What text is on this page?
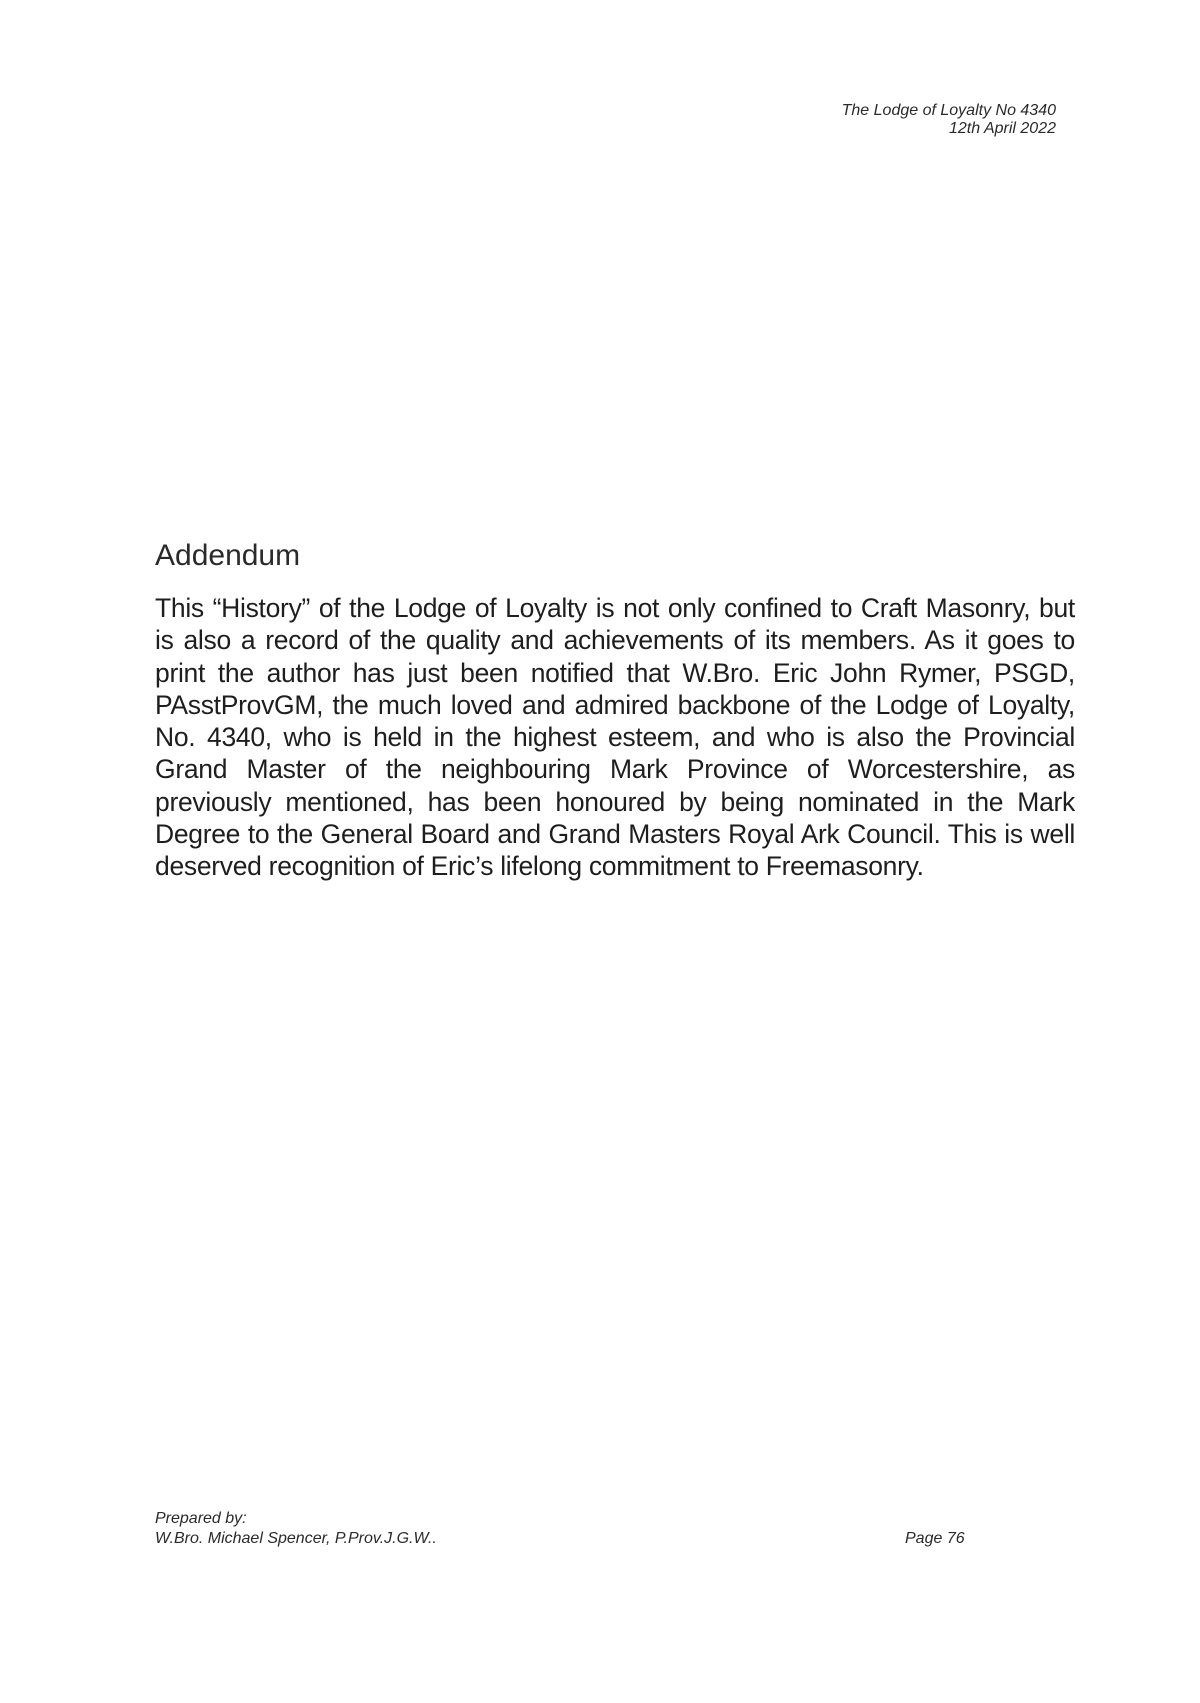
The Lodge of Loyalty No 4340
12th April 2022
Addendum

This “History” of the Lodge of Loyalty is not only confined to Craft Masonry, but is also a record of the quality and achievements of its members. As it goes to print the author has just been notified that W.Bro. Eric John Rymer, PSGD, PAsstProvGM, the much loved and admired backbone of the Lodge of Loyalty, No. 4340, who is held in the highest esteem, and who is also the Provincial Grand Master of the neighbouring Mark Province of Worcestershire, as previously mentioned, has been honoured by being nominated in the Mark Degree to the General Board and Grand Masters Royal Ark Council. This is well deserved recognition of Eric’s lifelong commitment to Freemasonry.

Prepared by:
W.Bro. Michael Spencer, P.Prov.J.G.W..	Page 76
